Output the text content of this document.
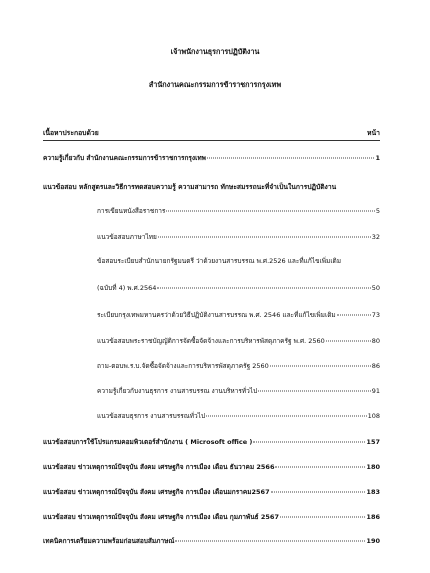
เจ้าพนักงานธุรการปฏิบัติงาน
สำนักงานคณะกรรมการข้าราชการกรุงเทพ
เนื้อหาประกอบด้วย	หน้า
ความรู้เกี่ยวกับ สำนักงานคณะกรรมการข้าราชการกรุงเทพ	1
แนวข้อสอบ หลักสูตรและวิธีการทดสอบความรู้ ความสามารถ ทักษะสมรรถนะที่จำเป็นในการปฏิบัติงาน
การเขียนหนังสือราชการ	5
แนวข้อสอบภาษาไทย	32
ข้อสอบระเบียบสำนักนายกรัฐมนตรี ว่าด้วยงานสารบรรณ พ.ศ.2526 และที่แก้ไขเพิ่มเติม
(ฉบับที่ 4) พ.ศ.2564	50
ระเบียบกรุงเทพมหานครว่าด้วยวิธีปฏิบัติงานสารบรรณ พ.ศ. 2546 และที่แก้ไขเพิ่มเติม	73
แนวข้อสอบพระราชบัญญัติการจัดซื้อจัดจ้างและการบริหารพัสดุภาครัฐ พ.ศ. 2560	80
ถาม-ตอบพ.ร.บ.จัดซื้อจัดจ้างและการบริหารพัสดุภาครัฐ 2560	86
ความรู้เกี่ยวกับงานธุรการ งานสารบรรณ งานบริหารทั่วไป	91
แนวข้อสอบธุรการ งานสารบรรณทั่วไป	108
แนวข้อสอบการใช้โปรแกรมคอมพิวเตอร์สำนักงาน ( Microsoft office )	157
แนวข้อสอบ ข่าวเหตุการณ์ปัจจุบัน สังคม เศรษฐกิจ การเมือง เดือน ธันวาคม 2566	180
แนวข้อสอบ ข่าวเหตุการณ์ปัจจุบัน สังคม เศรษฐกิจ การเมือง เดือนมกราคม2567	183
แนวข้อสอบ ข่าวเหตุการณ์ปัจจุบัน สังคม เศรษฐกิจ การเมือง เดือน กุมภาพันธ์ 2567	186
เทคนิคการเตรียมความพร้อมก่อนสอบสัมภาษณ์	190
